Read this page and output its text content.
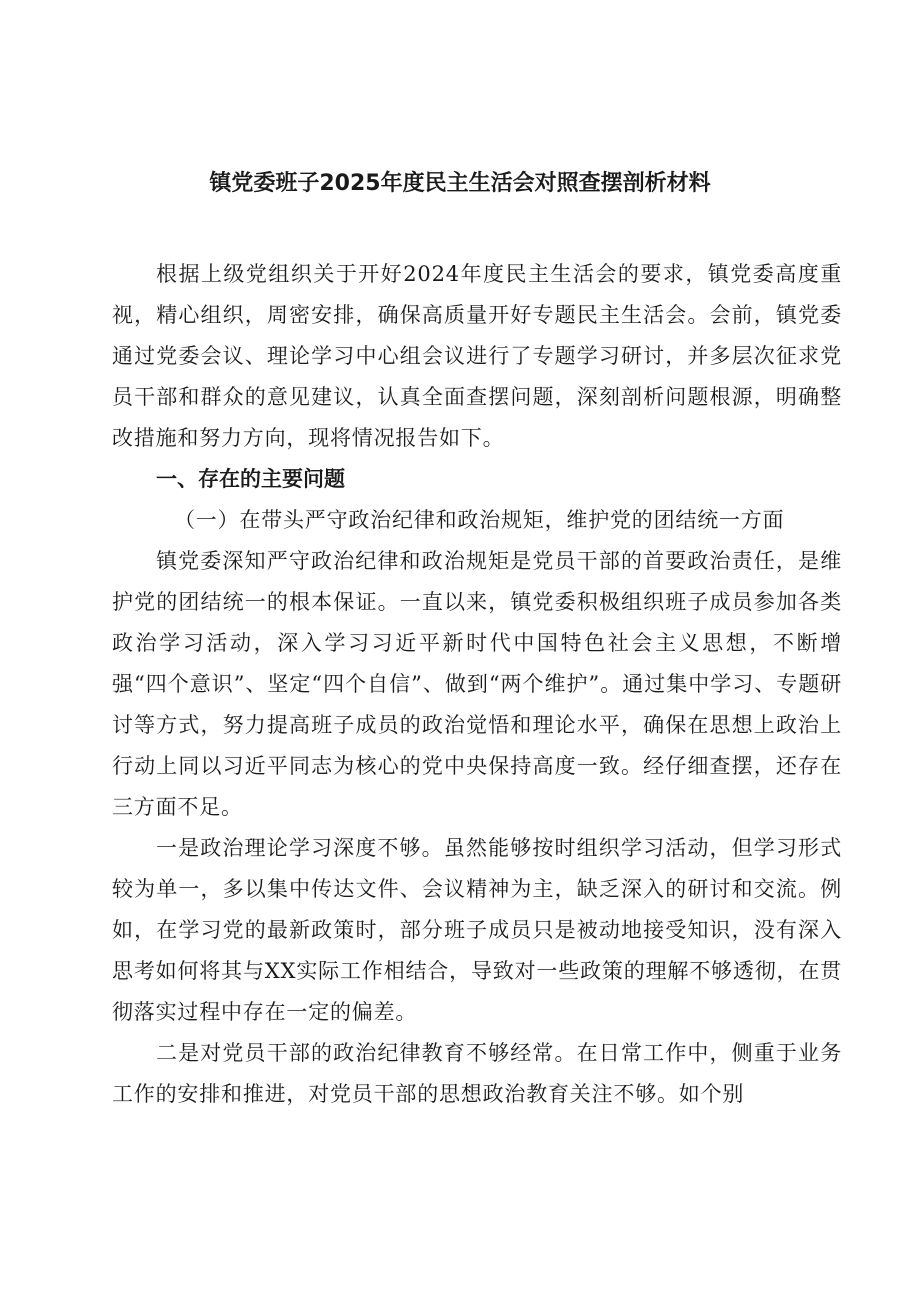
镇党委班子2025年度民主生活会对照查摆剖析材料

根据上级党组织关于开好2024年度民主生活会的要求，镇党委高度重视，精心组织，周密安排，确保高质量开好专题民主生活会。会前，镇党委通过党委会议、理论学习中心组会议进行了专题学习研讨，并多层次征求党员干部和群众的意见建议，认真全面查摆问题，深刻剖析问题根源，明确整改措施和努力方向，现将情况报告如下。

一、存在的主要问题

（一）在带头严守政治纪律和政治规矩，维护党的团结统一方面

镇党委深知严守政治纪律和政治规矩是党员干部的首要政治责任，是维护党的团结统一的根本保证。一直以来，镇党委积极组织班子成员参加各类政治学习活动，深入学习习近平新时代中国特色社会主义思想，不断增强“四个意识”、坚定“四个自信”、做到“两个维护”。通过集中学习、专题研讨等方式，努力提高班子成员的政治觉悟和理论水平，确保在思想上政治上行动上同以习近平同志为核心的党中央保持高度一致。经仔细查摆，还存在三方面不足。

一是政治理论学习深度不够。虽然能够按时组织学习活动，但学习形式较为单一，多以集中传达文件、会议精神为主，缺乏深入的研讨和交流。例如，在学习党的最新政策时，部分班子成员只是被动地接受知识，没有深入思考如何将其与XX实际工作相结合，导致对一些政策的理解不够透彻，在贯彻落实过程中存在一定的偏差。

二是对党员干部的政治纪律教育不够经常。在日常工作中，侧重于业务工作的安排和推进，对党员干部的思想政治教育关注不够。如个别
